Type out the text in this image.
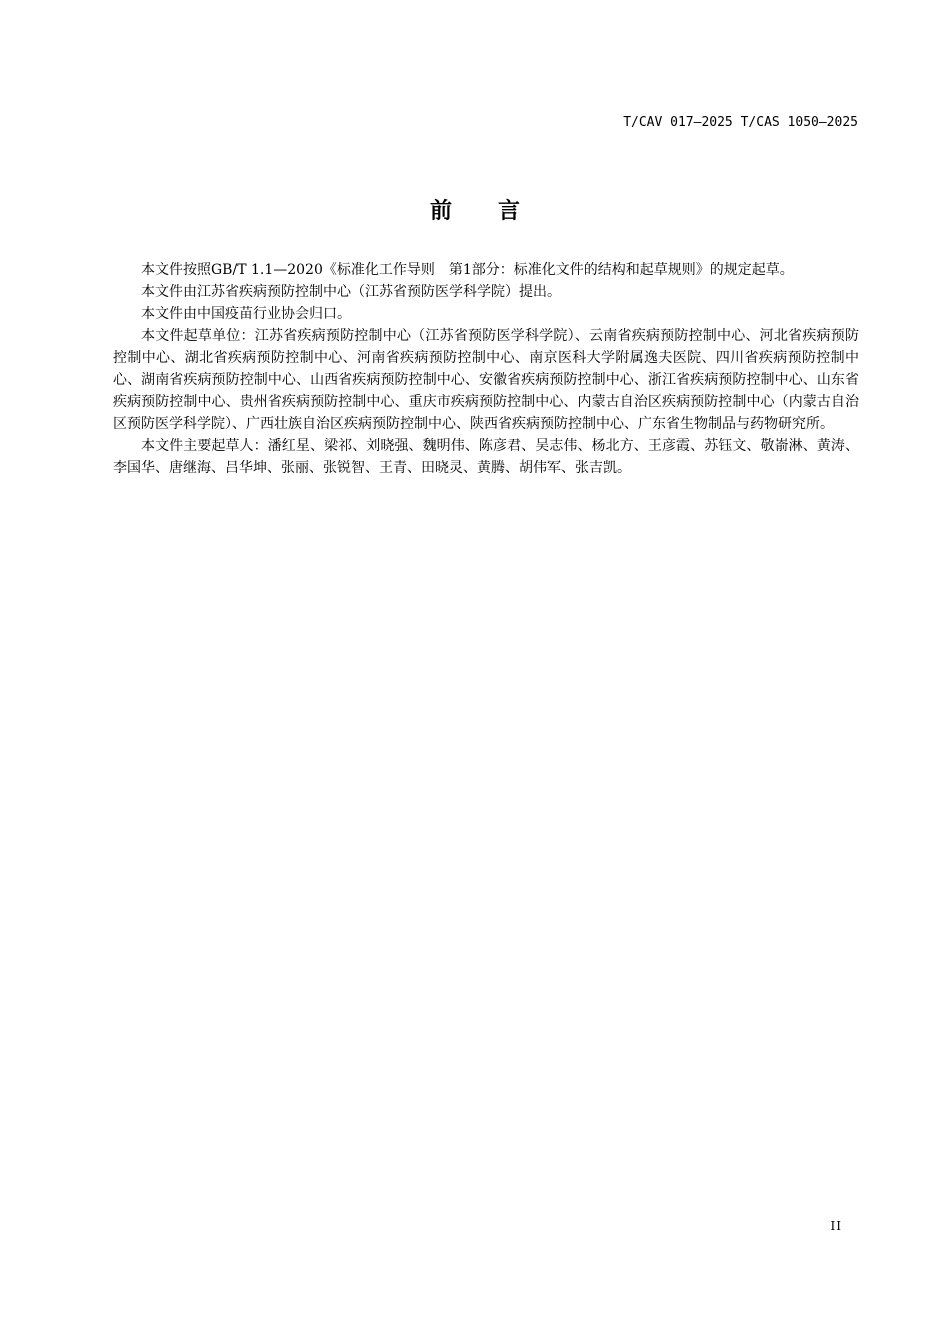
T/CAV 017—2025 T/CAS 1050—2025
前 言

本文件按照GB/T 1.1—2020《标准化工作导则　第1部分：标准化文件的结构和起草规则》的规定起草。

本文件由江苏省疾病预防控制中心（江苏省预防医学科学院）提出。

本文件由中国疫苗行业协会归口。

本文件起草单位：江苏省疾病预防控制中心（江苏省预防医学科学院）、云南省疾病预防控制中心、河北省疾病预防控制中心、湖北省疾病预防控制中心、河南省疾病预防控制中心、南京医科大学附属逸夫医院、四川省疾病预防控制中心、湖南省疾病预防控制中心、山西省疾病预防控制中心、安徽省疾病预防控制中心、浙江省疾病预防控制中心、山东省疾病预防控制中心、贵州省疾病预防控制中心、重庆市疾病预防控制中心、内蒙古自治区疾病预防控制中心（内蒙古自治区预防医学科学院）、广西壮族自治区疾病预防控制中心、陕西省疾病预防控制中心、广东省生物制品与药物研究所。

本文件主要起草人：潘红星、梁祁、刘晓强、魏明伟、陈彦君、吴志伟、杨北方、王彦霞、苏钰文、敬嵛淋、黄涛、李国华、唐继海、吕华坤、张丽、张锐智、王青、田晓灵、黄腾、胡伟军、张吉凯。

II
